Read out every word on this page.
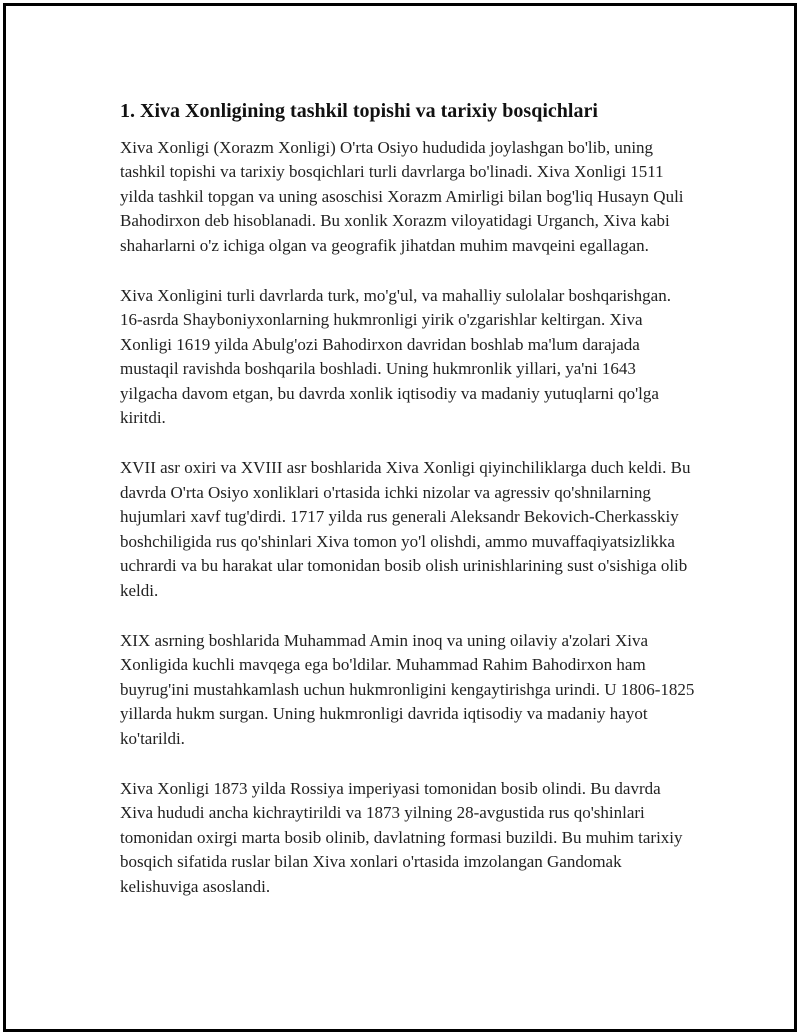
1. Xiva Xonligining tashkil topishi va tarixiy bosqichlari

Xiva Xonligi (Xorazm Xonligi) O'rta Osiyo hududida joylashgan bo'lib, uning tashkil topishi va tarixiy bosqichlari turli davrlarga bo'linadi. Xiva Xonligi 1511 yilda tashkil topgan va uning asoschisi Xorazm Amirligi bilan bog'liq Husayn Quli Bahodirxon deb hisoblanadi. Bu xonlik Xorazm viloyatidagi Urganch, Xiva kabi shaharlarni o'z ichiga olgan va geografik jihatdan muhim mavqeini egallagan.

Xiva Xonligini turli davrlarda turk, mo'g'ul, va mahalliy sulolalar boshqarishgan. 16-asrda Shayboniyxonlarning hukmronligi yirik o'zgarishlar keltirgan. Xiva Xonligi 1619 yilda Abulg'ozi Bahodirxon davridan boshlab ma'lum darajada mustaqil ravishda boshqarila boshladi. Uning hukmronlik yillari, ya'ni 1643 yilgacha davom etgan, bu davrda xonlik iqtisodiy va madaniy yutuqlarni qo'lga kiritdi.

XVII asr oxiri va XVIII asr boshlarida Xiva Xonligi qiyinchiliklarga duch keldi. Bu davrda O'rta Osiyo xonliklari o'rtasida ichki nizolar va agressiv qo'shnilarning hujumlari xavf tug'dirdi. 1717 yilda rus generali Aleksandr Bekovich-Cherkasskiy boshchiligida rus qo'shinlari Xiva tomon yo'l olishdi, ammo muvaffaqiyatsizlikka uchrardi va bu harakat ular tomonidan bosib olish urinishlarining sust o'sishiga olib keldi.

XIX asrning boshlarida Muhammad Amin inoq va uning oilaviy a'zolari Xiva Xonligida kuchli mavqega ega bo'ldilar. Muhammad Rahim Bahodirxon ham buyrug'ini mustahkamlash uchun hukmronligini kengaytirishga urindi. U 1806-1825 yillarda hukm surgan. Uning hukmronligi davrida iqtisodiy va madaniy hayot ko'tarildi.

Xiva Xonligi 1873 yilda Rossiya imperiyasi tomonidan bosib olindi. Bu davrda Xiva hududi ancha kichraytirildi va 1873 yilning 28-avgustida rus qo'shinlari tomonidan oxirgi marta bosib olinib, davlatning formasi buzildi. Bu muhim tarixiy bosqich sifatida ruslar bilan Xiva xonlari o'rtasida imzolangan Gandomak kelishuviga asoslandi.
